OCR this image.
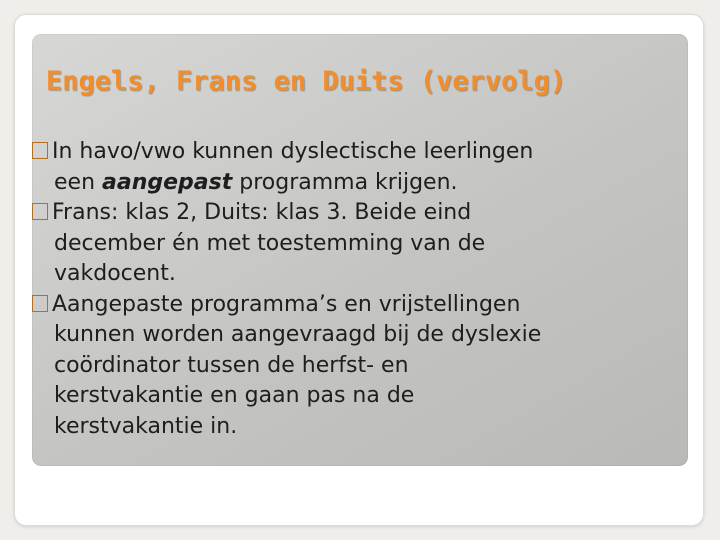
Engels, Frans en Duits (vervolg)
In havo/vwo kunnen dyslectische leerlingen
een aangepast programma krijgen.
Frans: klas 2, Duits: klas 3. Beide eind
december én met toestemming van de
vakdocent.
Aangepaste programma’s en vrijstellingen
kunnen worden aangevraagd bij de dyslexie
coördinator tussen de herfst- en
kerstvakantie en gaan pas na de
kerstvakantie in.
